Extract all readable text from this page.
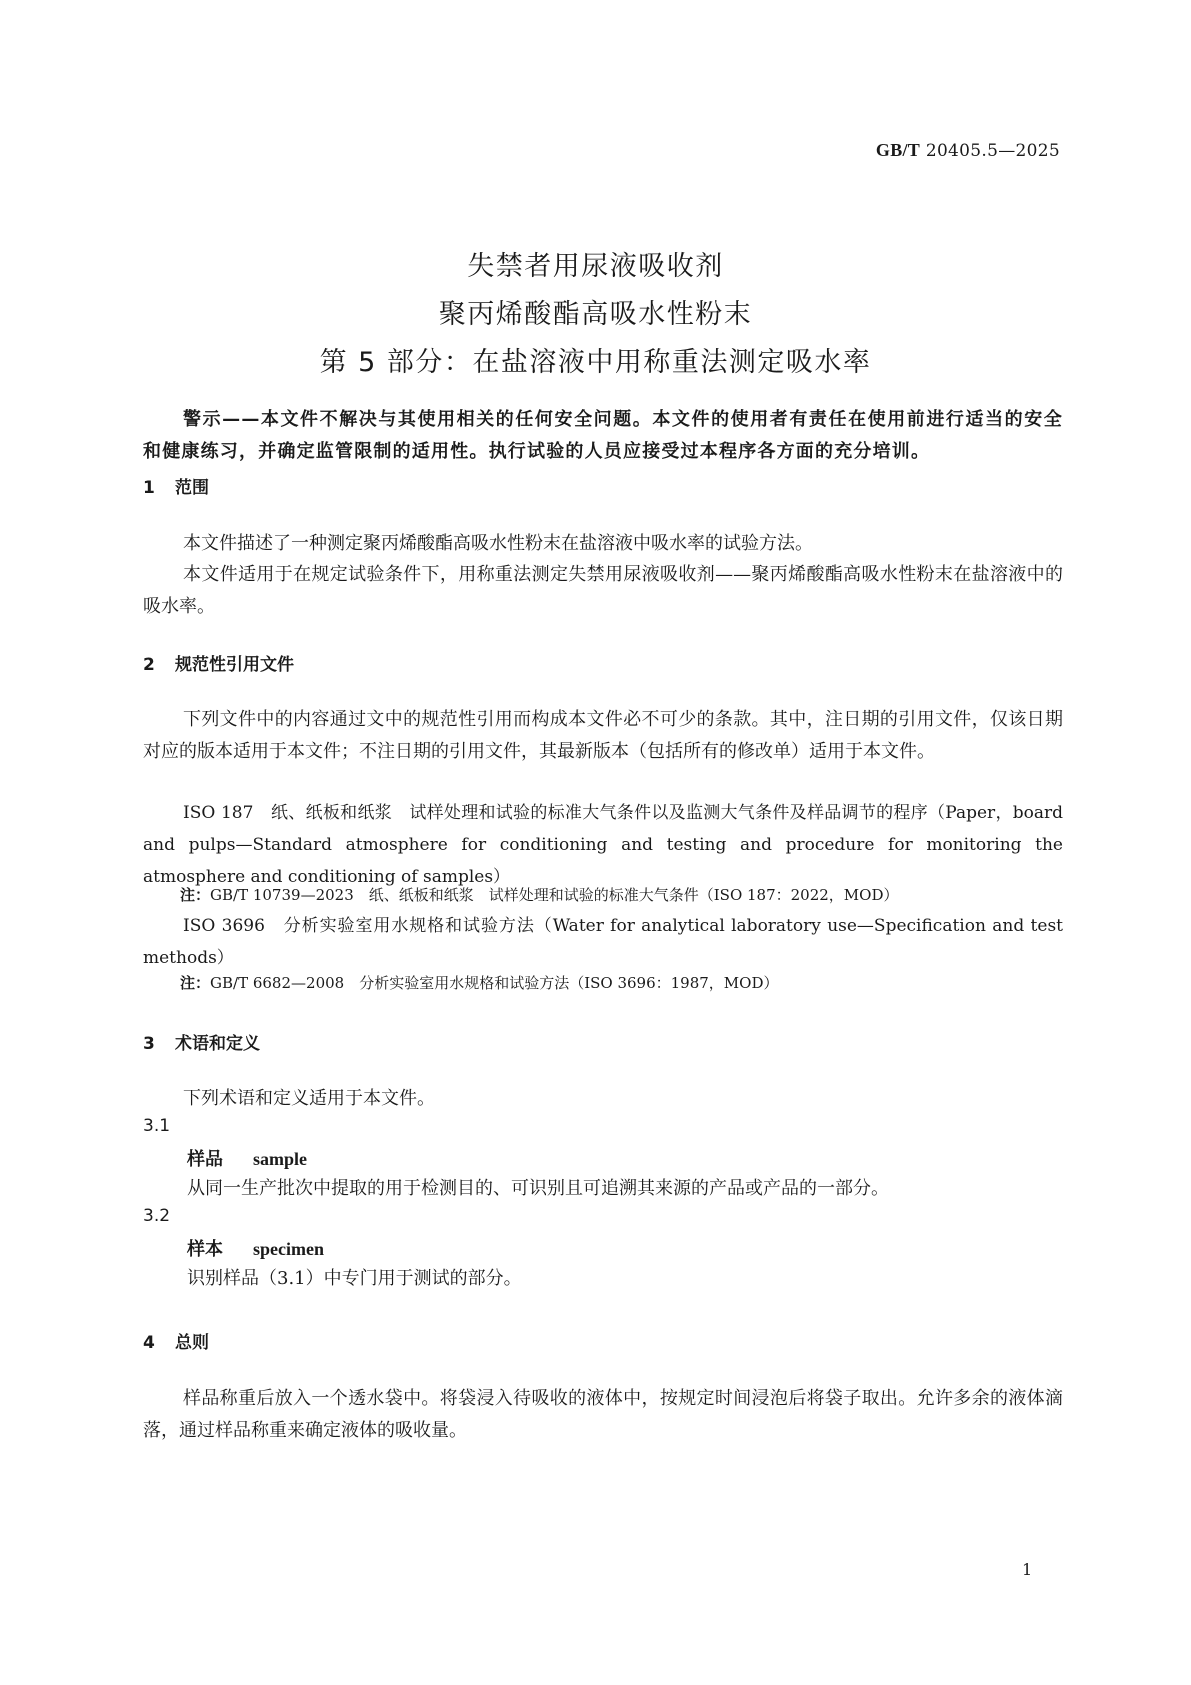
GB/T 20405.5—2025
失禁者用尿液吸收剂
聚丙烯酸酯高吸水性粉末
第 5 部分：在盐溶液中用称重法测定吸水率
警示——本文件不解决与其使用相关的任何安全问题。本文件的使用者有责任在使用前进行适当的安全和健康练习，并确定监管限制的适用性。执行试验的人员应接受过本程序各方面的充分培训。
1 范围
本文件描述了一种测定聚丙烯酸酯高吸水性粉末在盐溶液中吸水率的试验方法。
本文件适用于在规定试验条件下，用称重法测定失禁用尿液吸收剂——聚丙烯酸酯高吸水性粉末在盐溶液中的吸水率。
2 规范性引用文件
下列文件中的内容通过文中的规范性引用而构成本文件必不可少的条款。其中，注日期的引用文件，仅该日期对应的版本适用于本文件；不注日期的引用文件，其最新版本（包括所有的修改单）适用于本文件。
ISO 187　纸、纸板和纸浆　试样处理和试验的标准大气条件以及监测大气条件及样品调节的程序（Paper，board and pulps—Standard atmosphere for conditioning and testing and procedure for monitoring the atmosphere and conditioning of samples）
注：GB/T 10739—2023　纸、纸板和纸浆　试样处理和试验的标准大气条件（ISO 187：2022，MOD）
ISO 3696　分析实验室用水规格和试验方法（Water for analytical laboratory use—Specification and test methods）
注：GB/T 6682—2008　分析实验室用水规格和试验方法（ISO 3696：1987，MOD）
3 术语和定义
下列术语和定义适用于本文件。
3.1
样品 sample
从同一生产批次中提取的用于检测目的、可识别且可追溯其来源的产品或产品的一部分。
3.2
样本 specimen
识别样品（3.1）中专门用于测试的部分。
4 总则
样品称重后放入一个透水袋中。将袋浸入待吸收的液体中，按规定时间浸泡后将袋子取出。允许多余的液体滴落，通过样品称重来确定液体的吸收量。
1
